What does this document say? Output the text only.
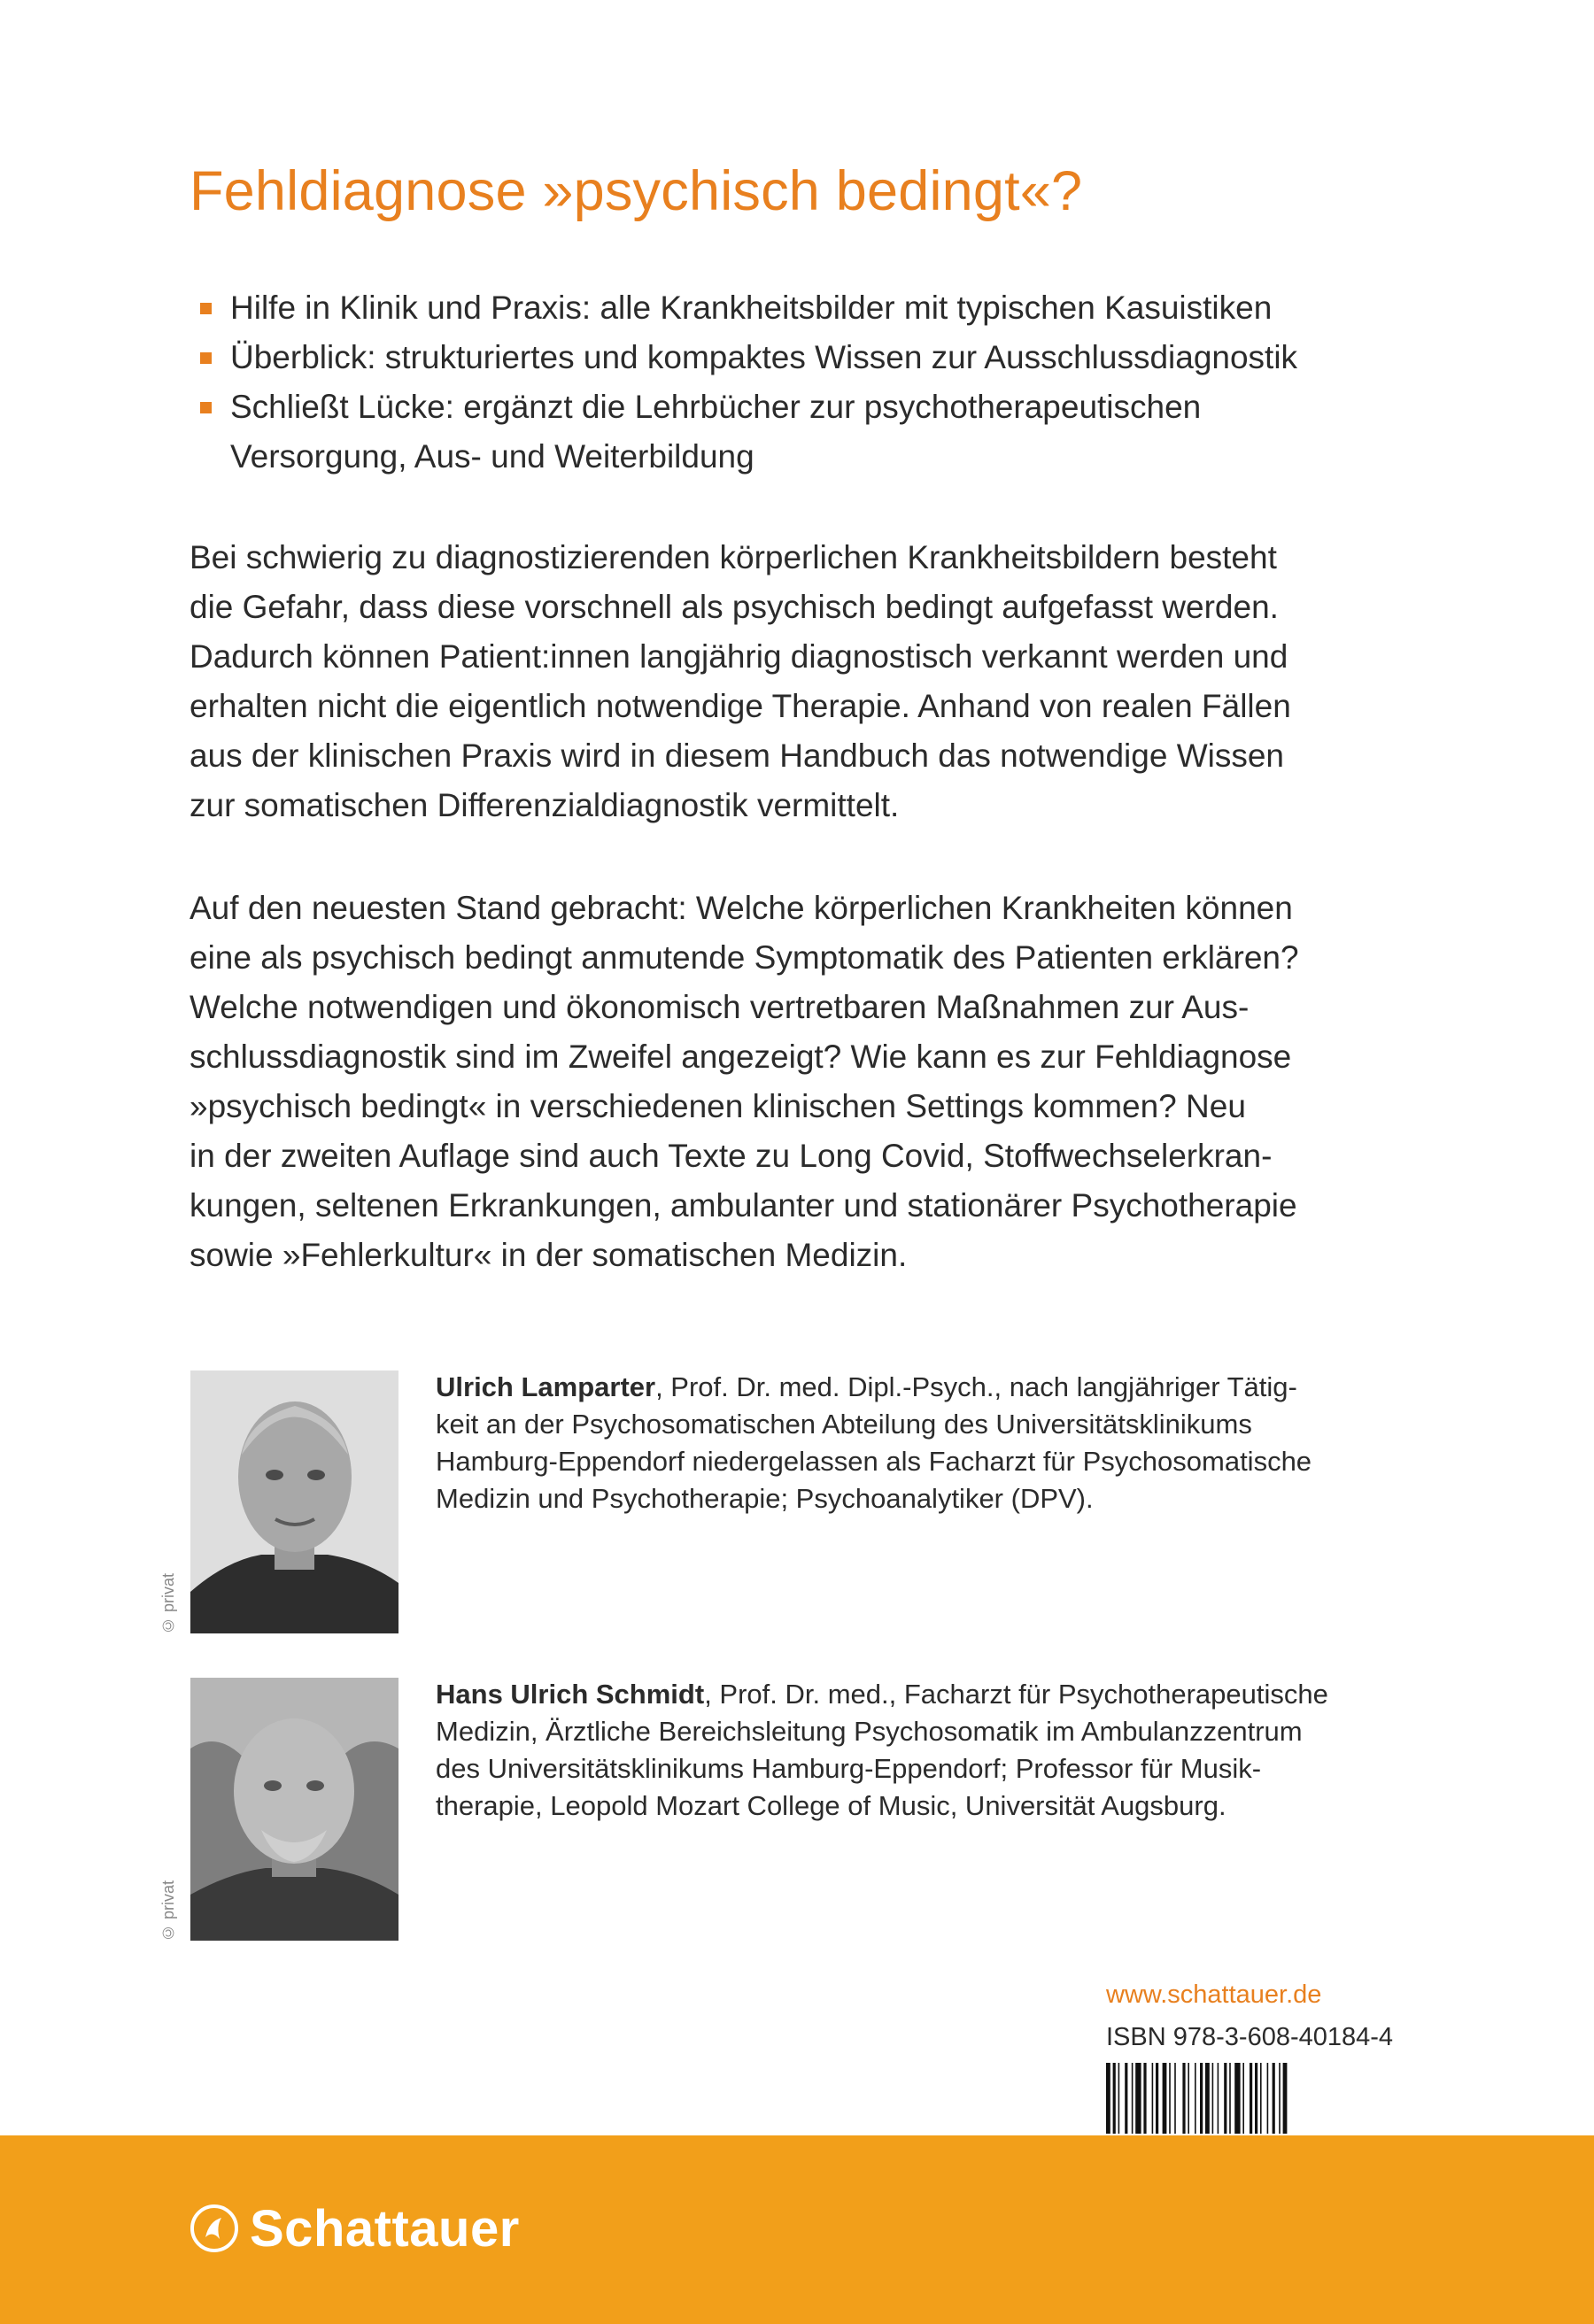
Fehldiagnose »psychisch bedingt«?
Hilfe in Klinik und Praxis: alle Krankheitsbilder mit typischen Kasuistiken
Überblick: strukturiertes und kompaktes Wissen zur Ausschlussdiagnostik
Schließt Lücke: ergänzt die Lehrbücher zur psychotherapeutischen
Versorgung, Aus- und Weiterbildung

Bei schwierig zu diagnostizierenden körperlichen Krankheitsbildern besteht
die Gefahr, dass diese vorschnell als psychisch bedingt aufgefasst werden.
Dadurch können Patient:innen langjährig diagnostisch verkannt werden und
erhalten nicht die eigentlich notwendige Therapie. Anhand von realen Fällen
aus der klinischen Praxis wird in diesem Handbuch das notwendige Wissen
zur somatischen Differenzialdiagnostik vermittelt.

Auf den neuesten Stand gebracht: Welche körperlichen Krankheiten können
eine als psychisch bedingt anmutende Symptomatik des Patienten erklären?
Welche notwendigen und ökonomisch vertretbaren Maßnahmen zur Aus-
schlussdiagnostik sind im Zweifel angezeigt? Wie kann es zur Fehldiagnose
»psychisch bedingt« in verschiedenen klinischen Settings kommen? Neu
in der zweiten Auflage sind auch Texte zu Long Covid, Stoffwechselerkran-
kungen, seltenen Erkrankungen, ambulanter und stationärer Psychotherapie
sowie »Fehlerkultur« in der somatischen Medizin.

© privat

Ulrich Lamparter, Prof. Dr. med. Dipl.-Psych., nach langjähriger Tätig-
keit an der Psychosomatischen Abteilung des Universitätsklinikums
Hamburg-Eppendorf niedergelassen als Facharzt für Psychosomatische
Medizin und Psychotherapie; Psychoanalytiker (DPV).

© privat

Hans Ulrich Schmidt, Prof. Dr. med., Facharzt für Psychotherapeutische
Medizin, Ärztliche Bereichsleitung Psychosomatik im Ambulanzzentrum
des Universitätsklinikums Hamburg-Eppendorf; Professor für Musik-
therapie, Leopold Mozart College of Music, Universität Augsburg.

www.schattauer.de

ISBN 978-3-608-40184-4

Schattauer
